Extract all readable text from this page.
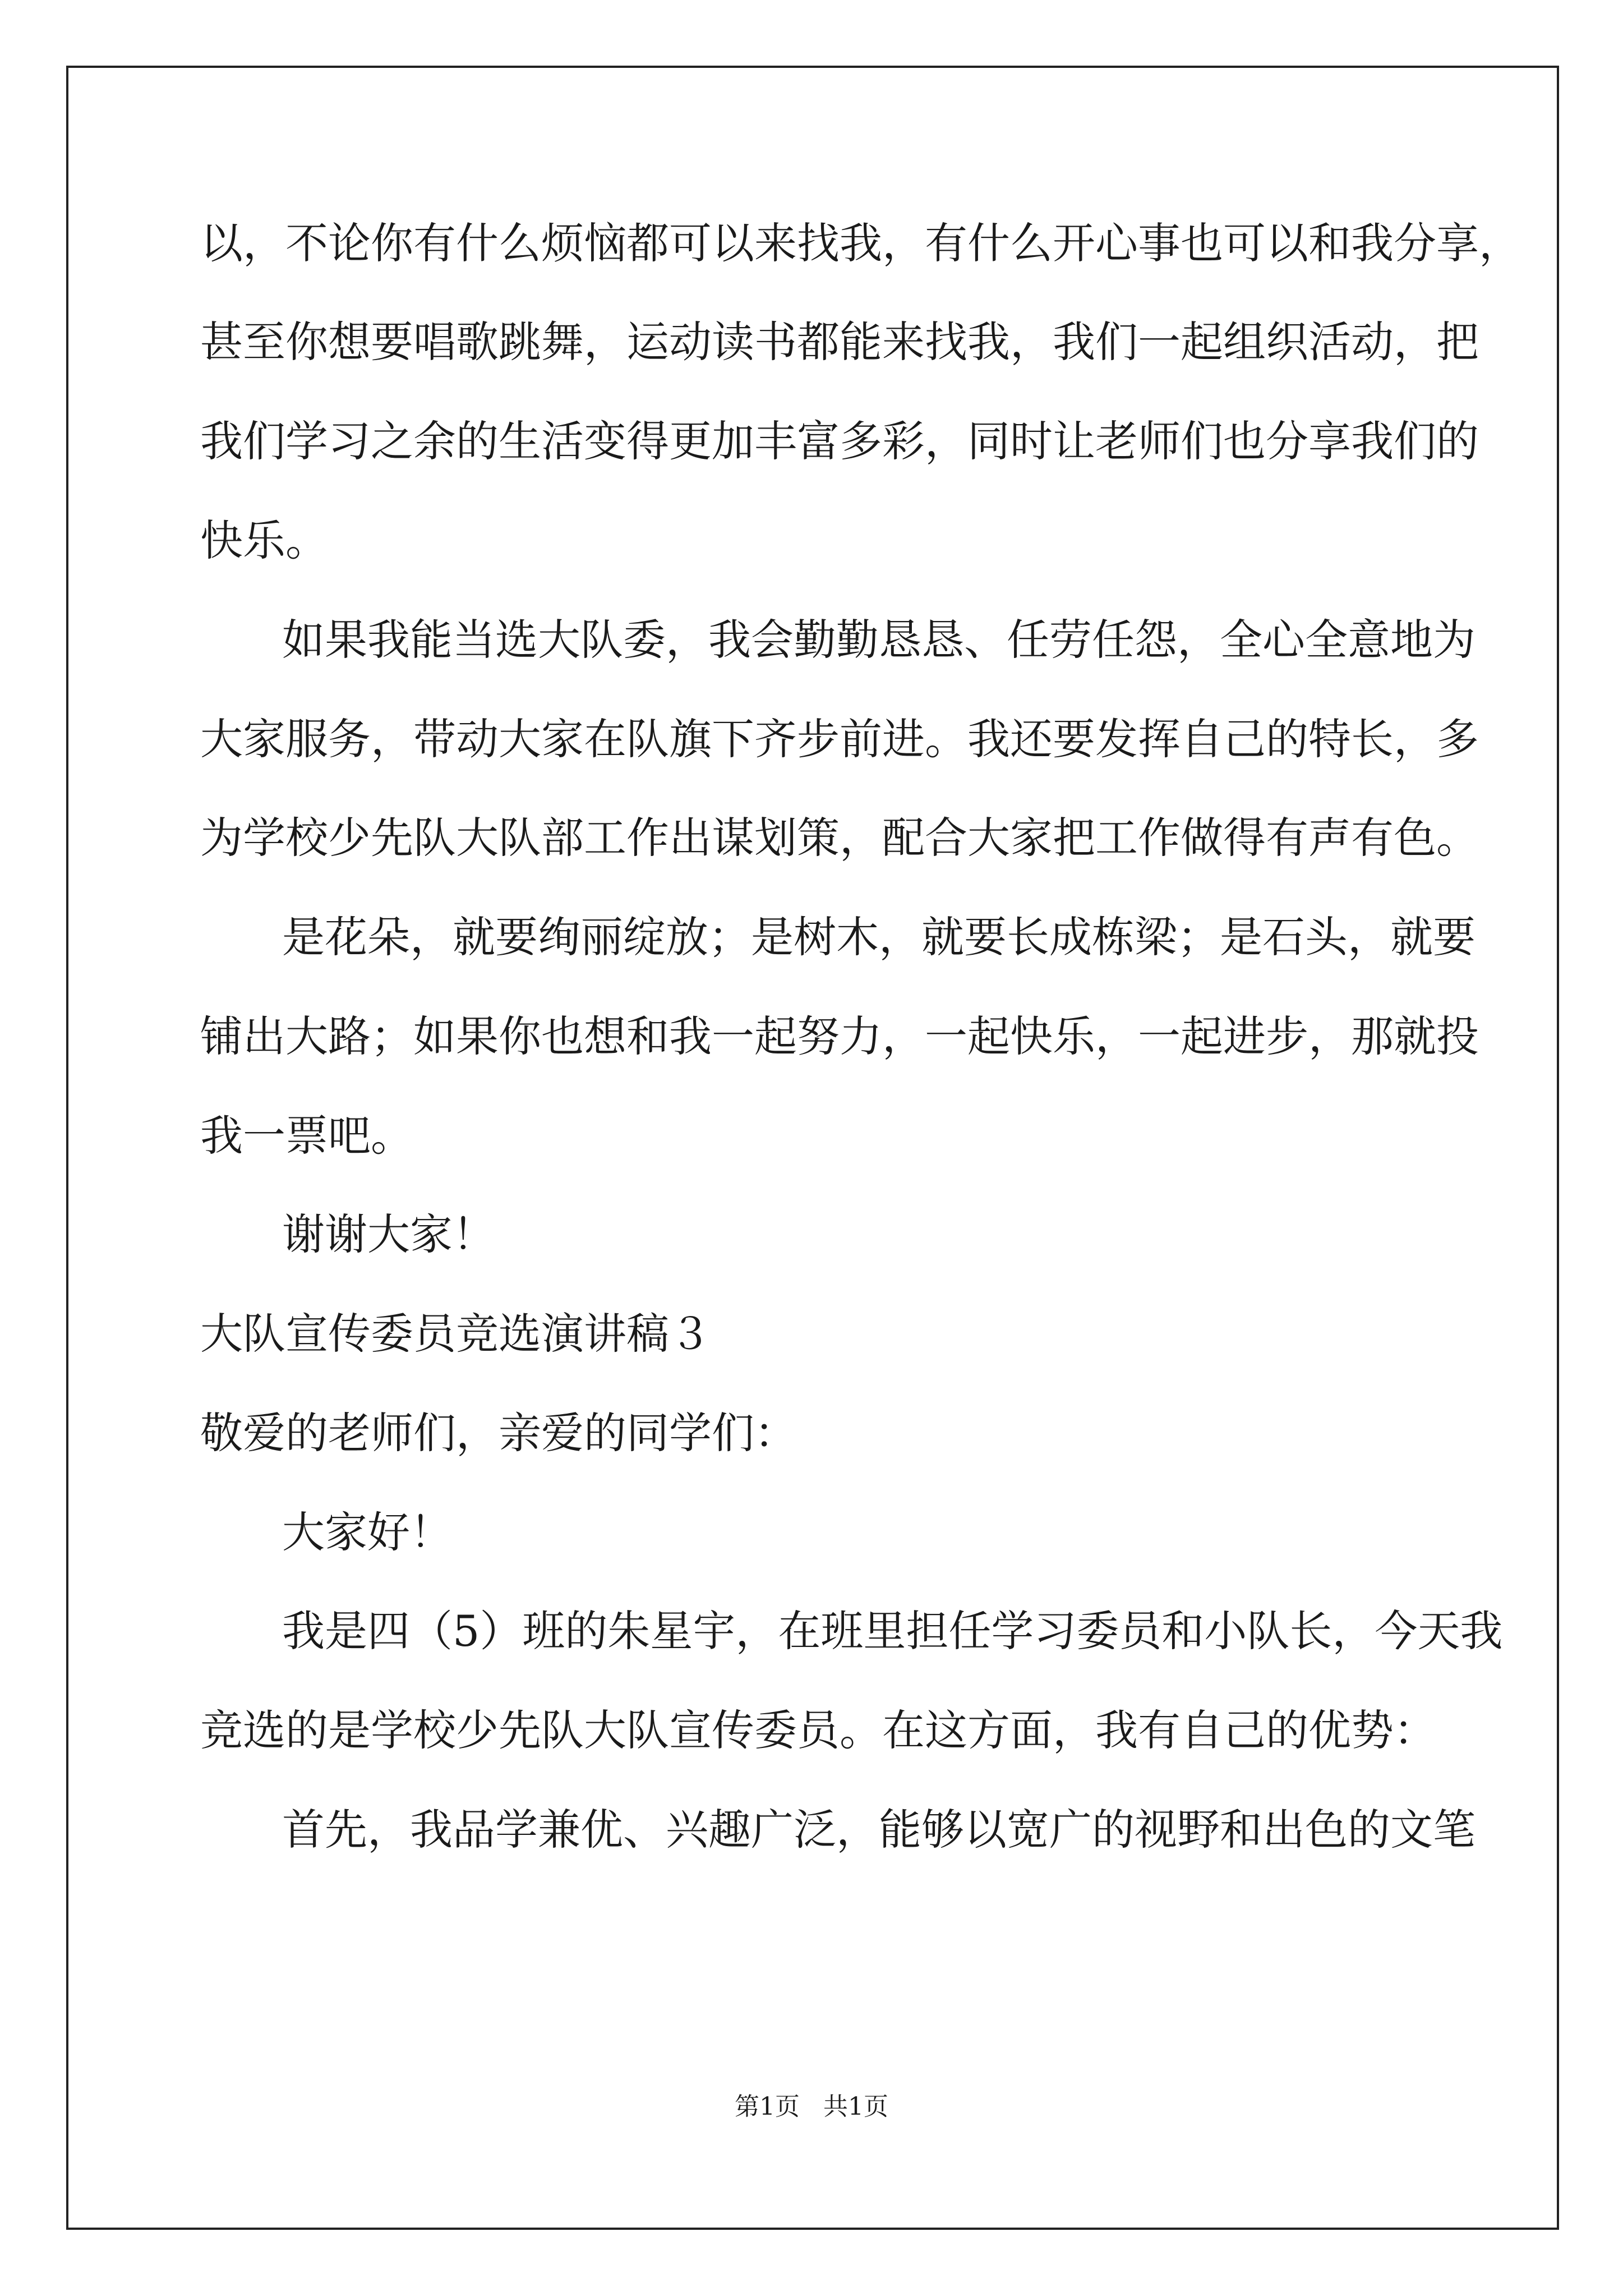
以，不论你有什么烦恼都可以来找我，有什么开心事也可以和我分享，
甚至你想要唱歌跳舞，运动读书都能来找我，我们一起组织活动，把
我们学习之余的生活变得更加丰富多彩，同时让老师们也分享我们的
快乐。
如果我能当选大队委，我会勤勤恳恳、任劳任怨，全心全意地为
大家服务，带动大家在队旗下齐步前进。我还要发挥自己的特长，多
为学校少先队大队部工作出谋划策，配合大家把工作做得有声有色。
是花朵，就要绚丽绽放；是树木，就要长成栋梁；是石头，就要
铺出大路；如果你也想和我一起努力，一起快乐，一起进步，那就投
我一票吧。
谢谢大家！
大队宣传委员竞选演讲稿３
敬爱的老师们，亲爱的同学们：
大家好！
我是四（5）班的朱星宇，在班里担任学习委员和小队长，今天我
竞选的是学校少先队大队宣传委员。在这方面，我有自己的优势：
首先，我品学兼优、兴趣广泛，能够以宽广的视野和出色的文笔
第1页   共1页
